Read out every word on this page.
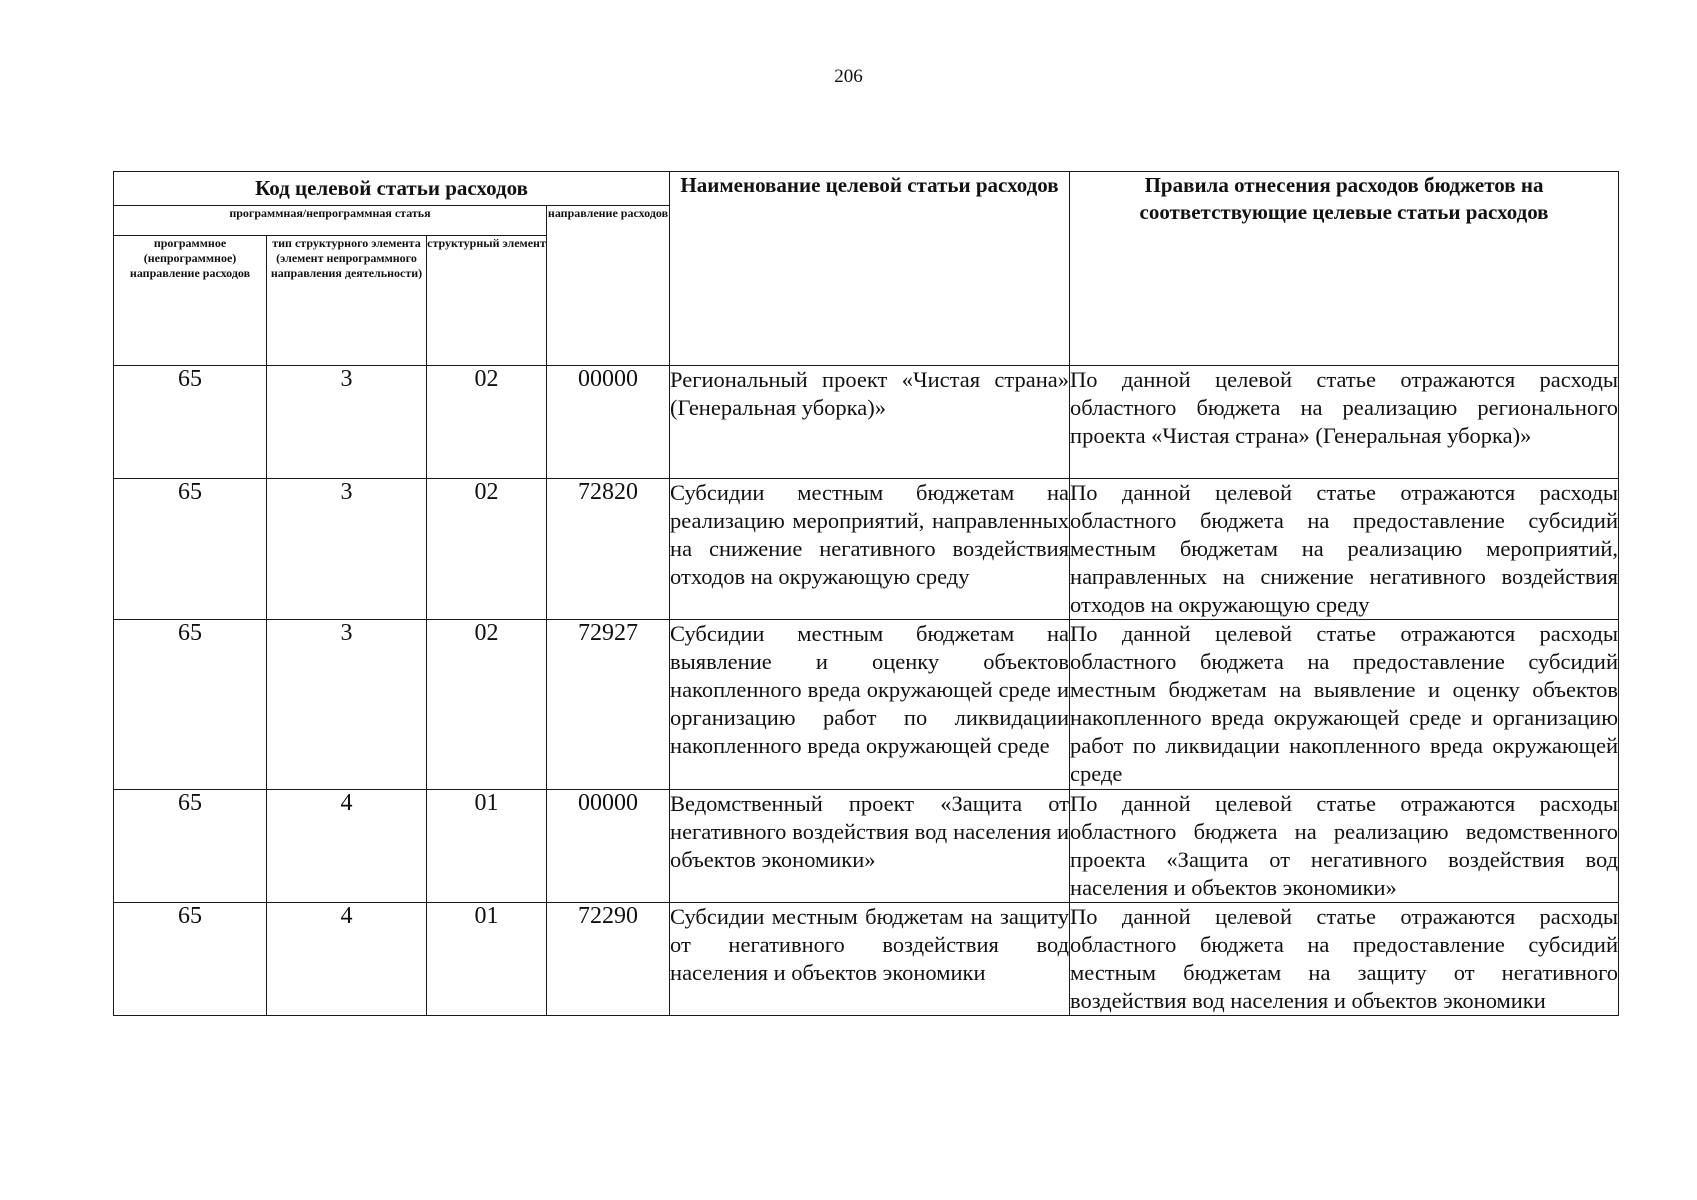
206
Код целевой статьи расходов				Наименование целевой статьи расходов	Правила отнесения расходов бюджетов на соответствующие целевые статьи расходов
программная/непрограммная статья			направление расходов		
программное (непрограммное) направление расходов	тип структурного элемента (элемент непрограммного направления деятельности)	структурный элемент			
65	3	02	00000	Региональный проект «Чистая страна» (Генеральная уборка)»	По данной целевой статье отражаются расходы областного бюджета на реализацию регионального проекта «Чистая страна» (Генеральная уборка)»
65	3	02	72820	Субсидии местным бюджетам на реализацию мероприятий, направленных на снижение негативного воздействия отходов на окружающую среду	По данной целевой статье отражаются расходы областного бюджета на предоставление субсидий местным бюджетам на реализацию мероприятий, направленных на снижение негативного воздействия отходов на окружающую среду
65	3	02	72927	Субсидии местным бюджетам на выявление и оценку объектов накопленного вреда окружающей среде и организацию работ по ликвидации накопленного вреда окружающей среде	По данной целевой статье отражаются расходы областного бюджета на предоставление субсидий местным бюджетам на выявление и оценку объектов накопленного вреда окружающей среде и организацию работ по ликвидации накопленного вреда окружающей среде
65	4	01	00000	Ведомственный проект «Защита от негативного воздействия вод населения и объектов экономики»	По данной целевой статье отражаются расходы областного бюджета на реализацию ведомственного проекта «Защита от негативного воздействия вод населения и объектов экономики»
65	4	01	72290	Субсидии местным бюджетам на защиту от негативного воздействия вод населения и объектов экономики	По данной целевой статье отражаются расходы областного бюджета на предоставление субсидий местным бюджетам на защиту от негативного воздействия вод населения и объектов экономики
